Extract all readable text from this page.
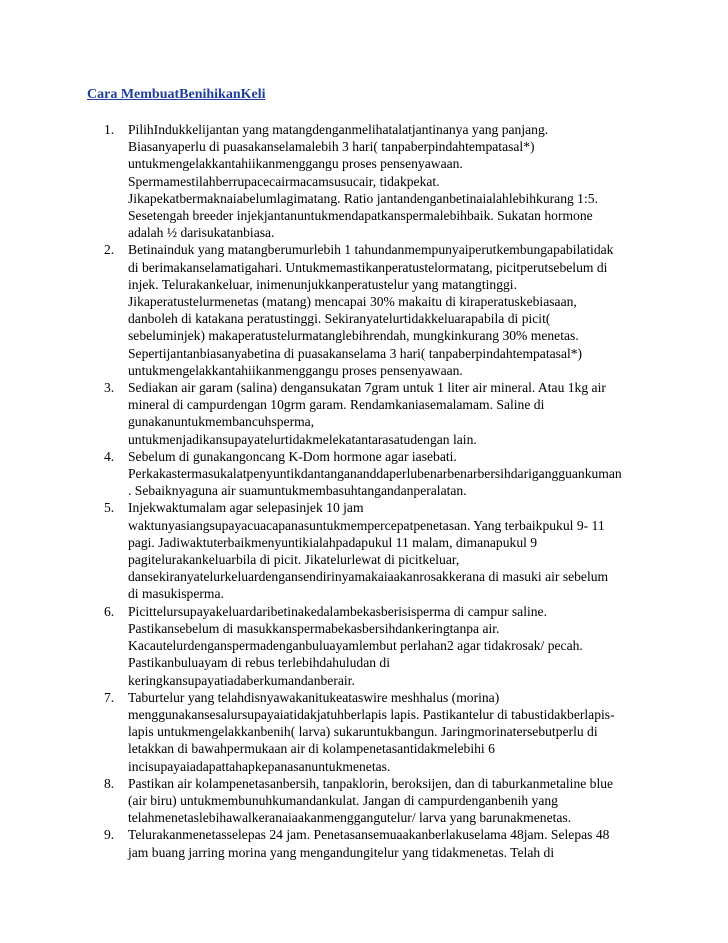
Cara MembuatBenihikanKeli
1.	PilihIndukkelijantan yang matangdenganmelihatalatjantinanya yang panjang.
Biasanyaperlu di puasakanselamalebih 3 hari( tanpaberpindahtempatasal*)
untukmengelakkantahiikanmenggangu proses pensenyawaan.
Spermamestilahberrupacecairmacamsusucair, tidakpekat.
Jikapekatbermaknaiabelumlagimatang. Ratio jantandenganbetinaialahlebihkurang 1:5.
Sesetengah breeder injekjantanuntukmendapatkanspermalebihbaik. Sukatan hormone
adalah ½ darisukatanbiasa.
2.	Betinainduk yang matangberumurlebih 1 tahundanmempunyaiperutkembungapabilatidak
di berimakanselamatigahari. Untukmemastikanperatustelormatang, picitperutsebelum di
injek. Telurakankeluar, inimenunjukkanperatustelur yang matangtinggi.
Jikaperatustelurmenetas (matang) mencapai 30% makaitu di kiraperatuskebiasaan,
danboleh di katakana peratustinggi. Sekiranyatelurtidakkeluarapabila di picit(
sebeluminjek) makaperatustelurmatanglebihrendah, mungkinkurang 30% menetas.
Sepertijantanbiasanyabetina di puasakanselama 3 hari( tanpaberpindahtempatasal*)
untukmengelakkantahiikanmenggangu proses pensenyawaan.
3.	Sediakan air garam (salina) dengansukatan 7gram untuk 1 liter air mineral. Atau 1kg air
mineral di campurdengan 10grm garam. Rendamkaniasemalamam. Saline di
gunakanuntukmembancuhsperma,
untukmenjadikansupayatelurtidakmelekatantarasatudengan lain.
4.	Sebelum di gunakangoncang K-Dom hormone agar iasebati.
Perkakastermasukalatpenyuntikdantangananddaperlubenarbenarbersihdarigangguankuman
. Sebaiknyaguna air suamuntukmembasuhtangandanperalatan.
5.	Injekwaktumalam agar selepasinjek 10 jam
waktunyasiangsupayacuacapanasuntukmempercepatpenetasan. Yang terbaikpukul 9- 11
pagi. Jadiwaktuterbaikmenyuntikialahpadapukul 11 malam, dimanapukul 9
pagitelurakankeluarbila di picit. Jikatelurlewat di picitkeluar,
dansekiranyatelurkeluardengansendirinyamakaiaakanrosakkerana di masuki air sebelum
di masukisperma.
6.	Picittelursupayakeluardaribetinakedalambekasberisisperma di campur saline.
Pastikansebelum di masukkanspermabekasbersihdankeringtanpa air.
Kacautelurdenganspermadenganbuluayamlembut perlahan2 agar tidakrosak/ pecah.
Pastikanbuluayam di rebus terlebihdahuludan di
keringkansupayatiadaberkumandanberair.
7.	Taburtelur yang telahdisnyawakanitukeataswire meshhalus (morina)
menggunakansesalursupayaiatidakjatuhberlapis lapis. Pastikantelur di tabustidakberlapis-
lapis untukmengelakkanbenih( larva) sukaruntukbangun. Jaringmorinatersebutperlu di
letakkan di bawahpermukaan air di kolampenetasantidakmelebihi 6
incisupayaiadapattahapkepanasanuntukmenetas.
8.	Pastikan air kolampenetasanbersih, tanpaklorin, beroksijen, dan di taburkanmetaline blue
(air biru) untukmembunuhkumandankulat. Jangan di campurdenganbenih yang
telahmenetaslebihawalkeranaiaakanmenggangutelur/ larva yang barunakmenetas.
9.	Telurakanmenetasselepas 24 jam. Penetasansemuaakanberlakuselama 48jam. Selepas 48
jam buang jarring morina yang mengandungitelur yang tidakmenetas. Telah di
